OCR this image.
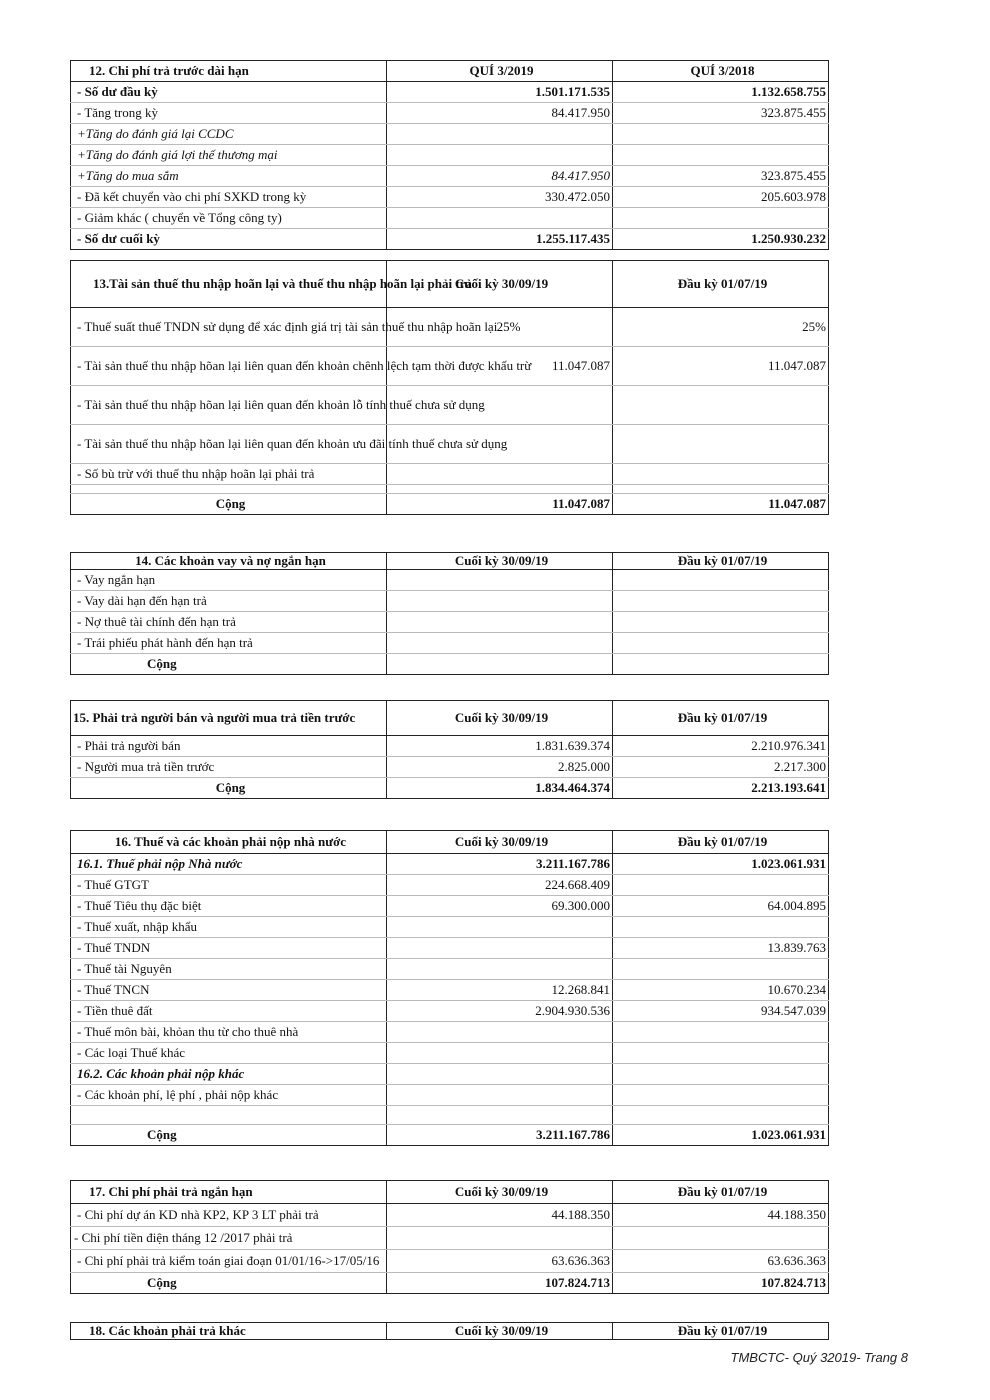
12. Chi phí trả trước dài hạn	QUÍ 3/2019	QUÍ 3/2018
- Số dư đầu kỳ	1.501.171.535	1.132.658.755
- Tăng trong kỳ	84.417.950	323.875.455
+Tăng do đánh giá lại CCDC		
+Tăng do đánh giá lợi thế thương mại		
+Tăng do mua sắm	84.417.950	323.875.455
- Đã kết chuyển vào chi phí SXKD trong kỳ	330.472.050	205.603.978
- Giảm khác ( chuyển về Tổng công ty)		
- Số dư cuối kỳ	1.255.117.435	1.250.930.232
13.Tài sản thuế thu nhập hoãn lại và thuế thu nhập hoãn lại phải trả	Cuối kỳ 30/09/19	Đầu kỳ 01/07/19
- Thuế suất thuế TNDN sử dụng để xác định giá trị tài sản thuế thu nhập hoãn lại	25%	25%
- Tài sản thuế thu nhập hõan lại liên quan đến khoản chênh lệch tạm thời được khấu trừ	11.047.087	11.047.087
- Tài sản thuế thu nhập hõan lại liên quan đến khoản lỗ tính thuế chưa sử dụng		
- Tài sản thuế thu nhập hõan lại liên quan đến khoản ưu đãi tính thuế chưa sử dụng		
- Số bù trừ với thuế thu nhập hoãn lại phải trả		

Cộng	11.047.087	11.047.087
14. Các khoản vay và nợ ngắn hạn	Cuối kỳ 30/09/19	Đầu kỳ 01/07/19
- Vay ngắn hạn		
- Vay dài hạn đến hạn trả		
- Nợ thuê tài chính đến hạn trả		
- Trái phiếu phát hành đến hạn trả		
Cộng		
15. Phải trả người bán và người mua trả tiền trước	Cuối kỳ 30/09/19	Đầu kỳ 01/07/19
- Phải trả người bán	1.831.639.374	2.210.976.341
- Người mua trả tiền trước	2.825.000	2.217.300
Cộng	1.834.464.374	2.213.193.641
16. Thuế và các khoản phải nộp nhà nước	Cuối kỳ 30/09/19	Đầu kỳ 01/07/19
16.1. Thuế phải nộp Nhà nước	3.211.167.786	1.023.061.931
- Thuế GTGT	224.668.409	
- Thuế Tiêu thụ đặc biệt	69.300.000	64.004.895
- Thuế xuất, nhập khẩu		
- Thuế TNDN		13.839.763
- Thuế tài Nguyên		
- Thuế TNCN	12.268.841	10.670.234
- Tiền thuê đất	2.904.930.536	934.547.039
- Thuế môn bài, khỏan thu từ cho thuê nhà		
- Các loại Thuế khác		
16.2. Các khoản phải nộp khác		
- Các khoản phí, lệ phí , phải nộp khác		

Cộng	3.211.167.786	1.023.061.931
17. Chi phí phải trả ngắn hạn	Cuối kỳ 30/09/19	Đầu kỳ 01/07/19
- Chi phí dự án KD nhà KP2, KP 3 LT phải trả	44.188.350	44.188.350
- Chi phí tiền điện tháng 12 /2017 phải trả		
- Chi phí phải trả kiểm toán giai đoạn 01/01/16->17/05/16	63.636.363	63.636.363
Cộng	107.824.713	107.824.713
18. Các khoản phải trả khác	Cuối kỳ 30/09/19	Đầu kỳ 01/07/19
TMBCTC- Quý 32019- Trang 8
